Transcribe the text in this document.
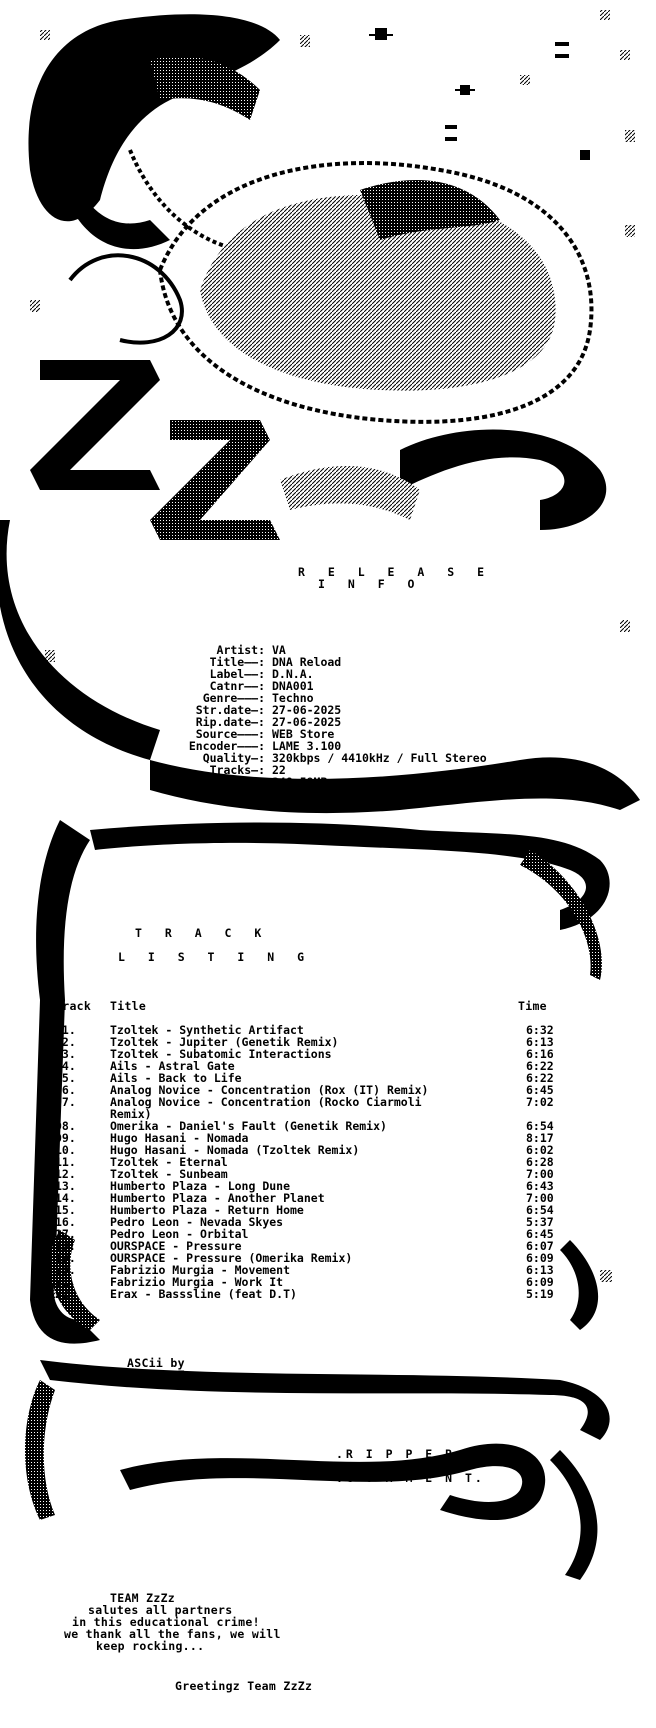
R E L E A S E
I N F O
Artist: VA
Title——: DNA Reload
Label——: D.N.A.
Catnr——: DNA001
Genre———: Techno
Str.date—: 27-06-2025
Rip.date—: 27-06-2025
Source———: WEB Store
Encoder———: LAME 3.100
Quality—: 320kbps / 4410kHz / Full Stereo
Tracks—: 22
Size—: 348.59MB
Url—: http://www.deezer.com/us/album/764974351
T R A C K
L I S T I N G
Track Title	Time
01.	Tzoltek - Synthetic Artifact	6:32
02.	Tzoltek - Jupiter (Genetik Remix)	6:13
03.	Tzoltek - Subatomic Interactions	6:16
04.	Ails - Astral Gate	6:22
05.	Ails - Back to Life	6:22
06.	Analog Novice - Concentration (Rox (IT) Remix)	6:45
07.	Analog Novice - Concentration (Rocko Ciarmoli	7:02
Remix)
08.	Omerika - Daniel's Fault (Genetik Remix)	6:54
09.	Hugo Hasani - Nomada	8:17
10.	Hugo Hasani - Nomada (Tzoltek Remix)	6:02
11.	Tzoltek - Eternal	6:28
12.	Tzoltek - Sunbeam	7:00
13.	Humberto Plaza - Long Dune	6:43
14.	Humberto Plaza - Another Planet	7:00
15.	Humberto Plaza - Return Home	6:54
16.	Pedro Leon - Nevada Skyes	5:37
17.	Pedro Leon - Orbital	6:45
18.	OURSPACE - Pressure	6:07
19.	OURSPACE - Pressure (Omerika Remix)	6:09
20.	Fabrizio Murgia - Movement	6:13
21.	Fabrizio Murgia - Work It	6:09
22.	Erax - Basssline (feat D.T)	5:19
ASCii by
gonz_ZzZz
.R I P P E R S.
.C O M M E N T.
TEAM ZzZz
salutes all partners
in this educational crime!
we thank all the fans, we will
keep rocking...
Greetingz Team ZzZz
